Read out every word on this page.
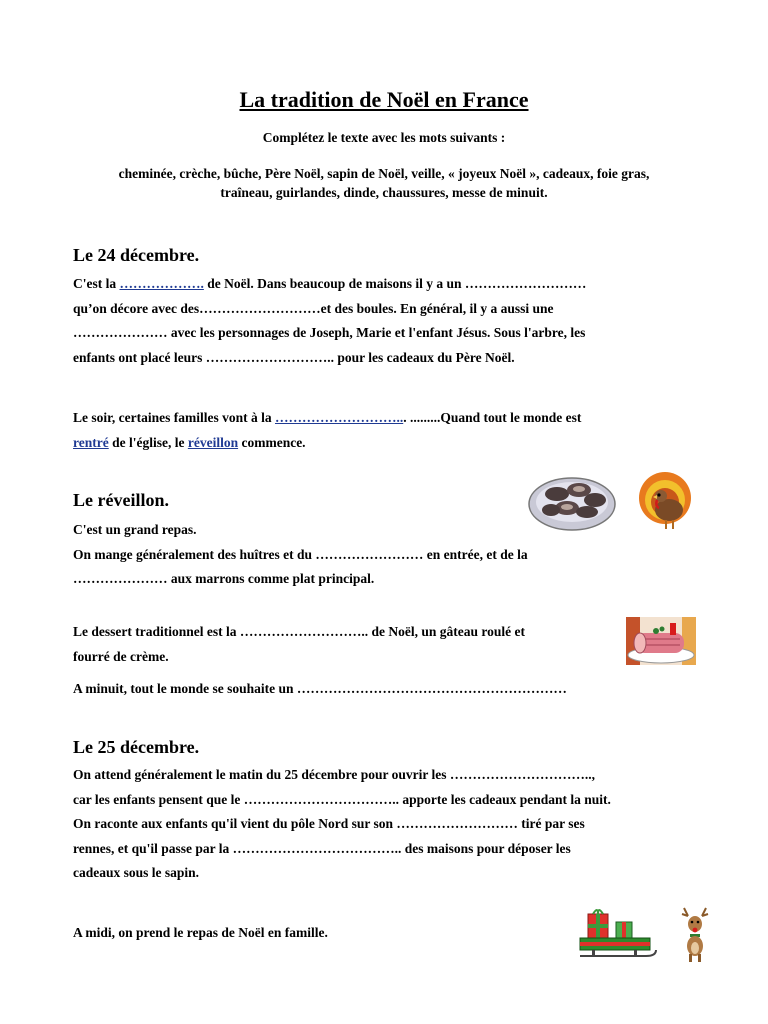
La tradition de Noël en France
Complétez le texte avec les mots suivants :
cheminée, crèche, bûche, Père Noël, sapin de Noël, veille, « joyeux Noël », cadeaux, foie gras,
traîneau, guirlandes, dinde, chaussures, messe de minuit.
Le 24 décembre.
C'est la ………………. de Noël. Dans beaucoup de maisons il y a un ………………………
qu’on décore avec des………………………et des boules. En général, il y a aussi une
………………… avec les personnages de Joseph, Marie et l'enfant Jésus. Sous l'arbre, les
enfants ont placé leurs ……………………….. pour les cadeaux du Père Noël.
Le soir, certaines familles vont à la ………………………... .........Quand tout le monde est
rentré de l'église, le réveillon commence.
Le réveillon.
C'est un grand repas.
On mange généralement des huîtres et du …………………… en entrée, et de la
………………… aux marrons comme plat principal.
Le dessert traditionnel est la ……………………….. de Noël, un gâteau roulé et
fourré de crème.
A minuit, tout le monde se souhaite un ……………………………………………………
Le 25 décembre.
On attend généralement le matin du 25 décembre pour ouvrir les …………………………..,
car les enfants pensent que le …………………………….. apporte les cadeaux pendant la nuit.
On raconte aux enfants qu'il vient du pôle Nord sur son ……………………… tiré par ses
rennes, et qu'il passe par la ……………………………….. des maisons pour déposer les
cadeaux sous le sapin.
A midi, on prend le repas de Noël en famille.
